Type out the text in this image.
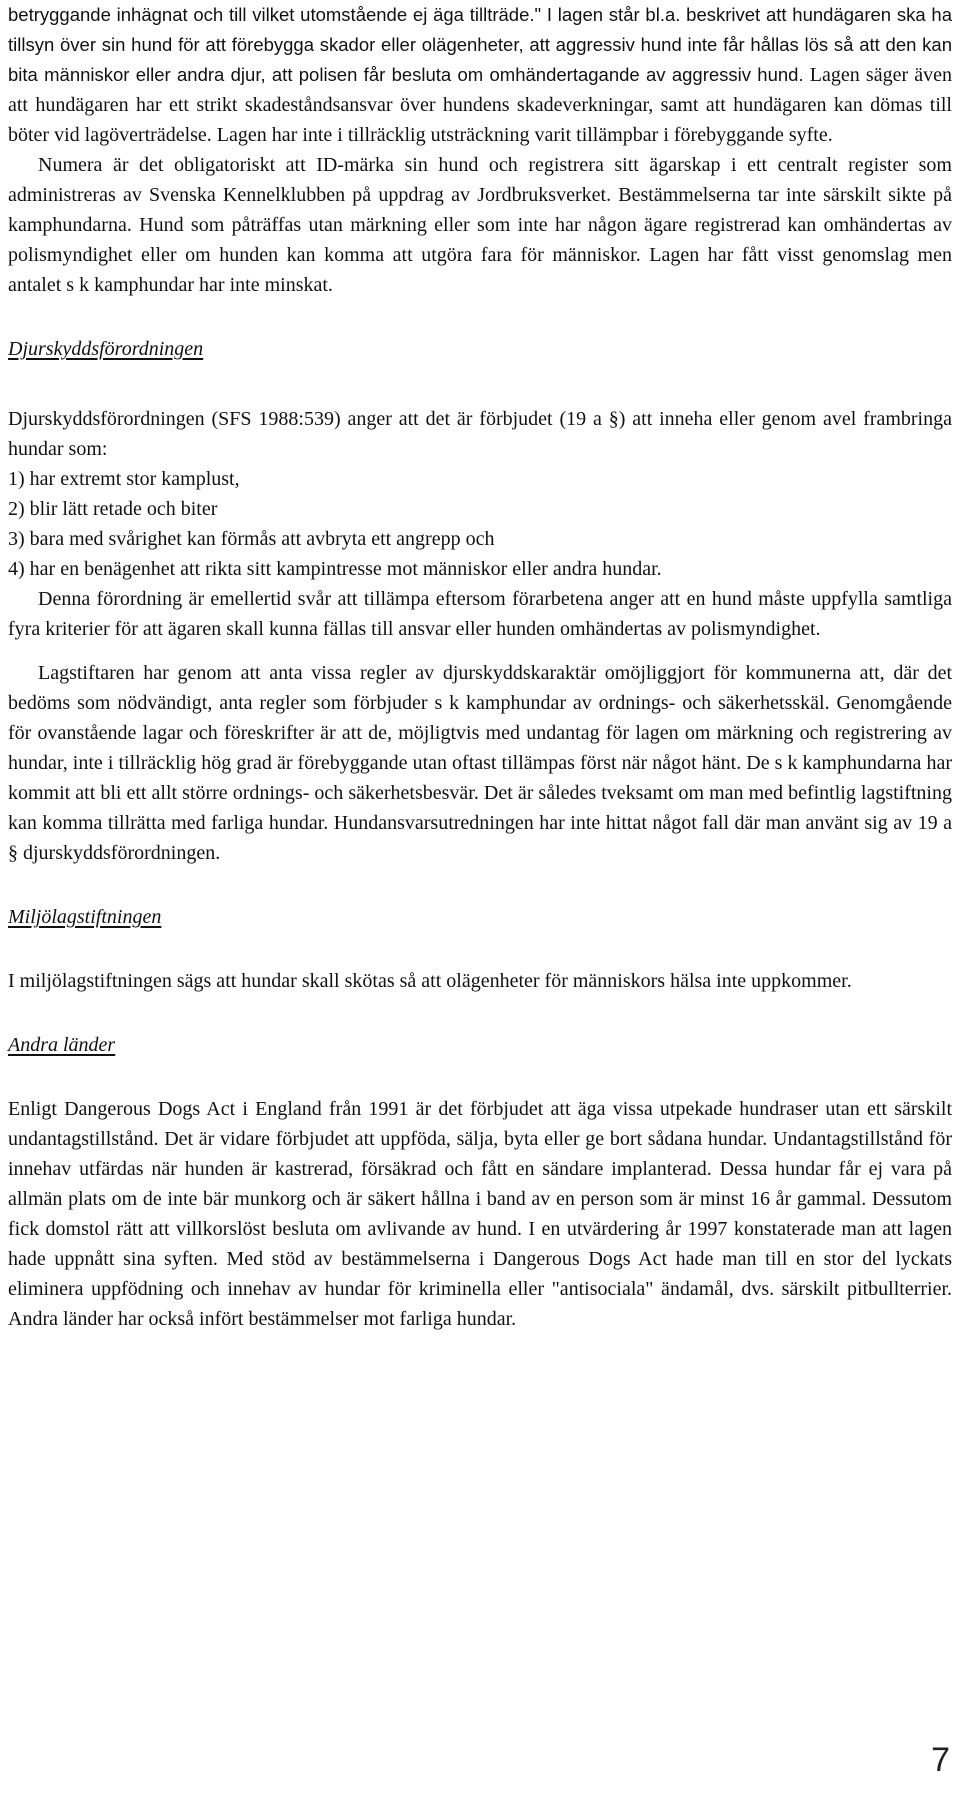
betryggande inhägnat och till vilket utomstående ej äga tillträde." I lagen står bl.a. beskrivet att hundägaren ska ha tillsyn över sin hund för att förebygga skador eller olägenheter, att aggressiv hund inte får hållas lös så att den kan bita människor eller andra djur, att polisen får besluta om omhändertagande av aggressiv hund. Lagen säger även att hundägaren har ett strikt skadeståndsansvar över hundens skadeverkningar, samt att hundägaren kan dömas till böter vid lagöverträdelse. Lagen har inte i tillräcklig utsträckning varit tillämpbar i förebyggande syfte.

Numera är det obligatoriskt att ID-märka sin hund och registrera sitt ägarskap i ett centralt register som administreras av Svenska Kennelklubben på uppdrag av Jordbruksverket. Bestämmelserna tar inte särskilt sikte på kamphundarna. Hund som påträffas utan märkning eller som inte har någon ägare registrerad kan omhändertas av polismyndighet eller om hunden kan komma att utgöra fara för människor. Lagen har fått visst genomslag men antalet s k kamphundar har inte minskat.

Djurskyddsförordningen

Djurskyddsförordningen (SFS 1988:539) anger att det är förbjudet (19 a §) att inneha eller genom avel frambringa hundar som:

1) har extremt stor kamplust,
2) blir lätt retade och biter
3) bara med svårighet kan förmås att avbryta ett angrepp och
4) har en benägenhet att rikta sitt kampintresse mot människor eller andra hundar.

Denna förordning är emellertid svår att tillämpa eftersom förarbetena anger att en hund måste uppfylla samtliga fyra kriterier för att ägaren skall kunna fällas till ansvar eller hunden omhändertas av polismyndighet.

Lagstiftaren har genom att anta vissa regler av djurskyddskaraktär omöjliggjort för kommunerna att, där det bedöms som nödvändigt, anta regler som förbjuder s k kamphundar av ordnings- och säkerhetsskäl. Genomgående för ovanstående lagar och föreskrifter är att de, möjligtvis med undantag för lagen om märkning och registrering av hundar, inte i tillräcklig hög grad är förebyggande utan oftast tillämpas först när något hänt. De s k kamphundarna har kommit att bli ett allt större ordnings- och säkerhetsbesvär. Det är således tveksamt om man med befintlig lagstiftning kan komma tillrätta med farliga hundar. Hundansvarsutredningen har inte hittat något fall där man använt sig av 19 a § djurskyddsförordningen.

Miljölagstiftningen

I miljölagstiftningen sägs att hundar skall skötas så att olägenheter för människors hälsa inte uppkommer.

Andra länder

Enligt Dangerous Dogs Act i England från 1991 är det förbjudet att äga vissa utpekade hundraser utan ett särskilt undantagstillstånd. Det är vidare förbjudet att uppföda, sälja, byta eller ge bort sådana hundar. Undantagstillstånd för innehav utfärdas när hunden är kastrerad, försäkrad och fått en sändare implanterad. Dessa hundar får ej vara på allmän plats om de inte bär munkorg och är säkert hållna i band av en person som är minst 16 år gammal. Dessutom fick domstol rätt att villkorslöst besluta om avlivande av hund. I en utvärdering år 1997 konstaterade man att lagen hade uppnått sina syften. Med stöd av bestämmelserna i Dangerous Dogs Act hade man till en stor del lyckats eliminera uppfödning och innehav av hundar för kriminella eller "antisociala" ändamål, dvs. särskilt pitbullterrier. Andra länder har också infört bestämmelser mot farliga hundar.

7
